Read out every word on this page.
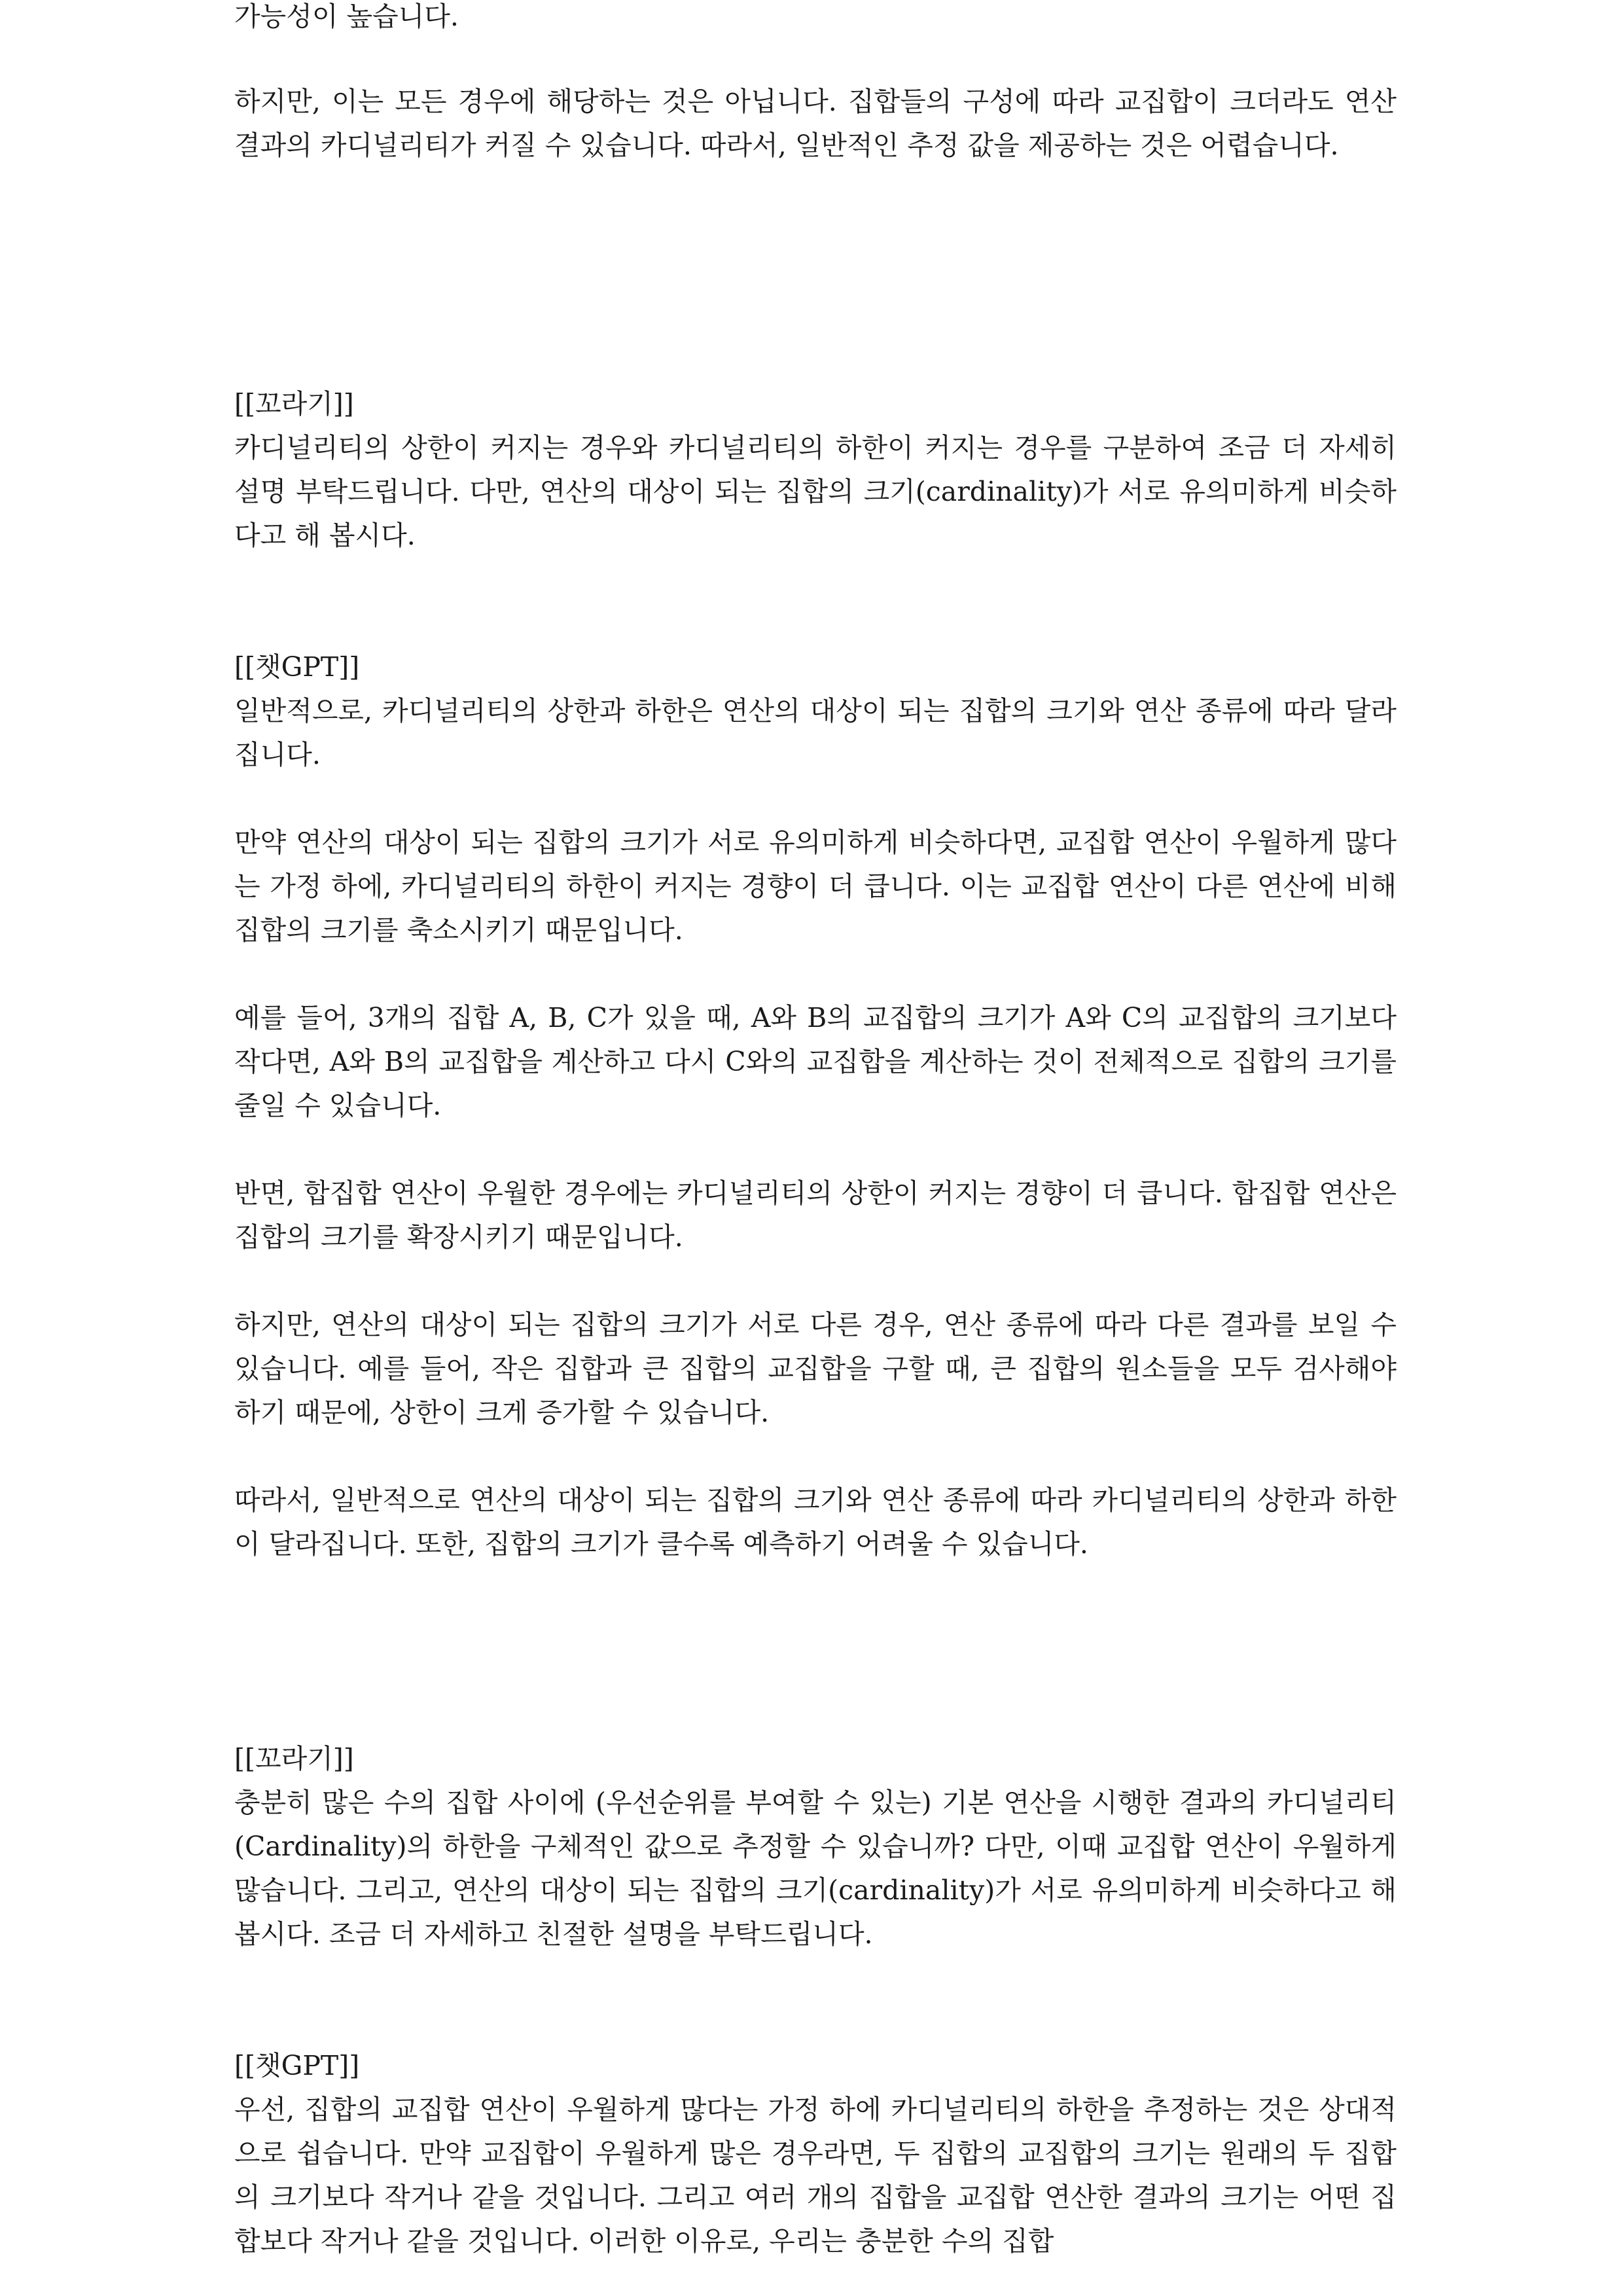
가능성이 높습니다.

하지만, 이는 모든 경우에 해당하는 것은 아닙니다. 집합들의 구성에 따라 교집합이 크더라도 연산 결과의 카디널리티가 커질 수 있습니다. 따라서, 일반적인 추정 값을 제공하는 것은 어렵습니다.

[[꼬라기]]

카디널리티의 상한이 커지는 경우와 카디널리티의 하한이 커지는 경우를 구분하여 조금 더 자세히 설명 부탁드립니다. 다만, 연산의 대상이 되는 집합의 크기(cardinality)가 서로 유의미하게 비슷하다고 해 봅시다.

[[챗GPT]]

일반적으로, 카디널리티의 상한과 하한은 연산의 대상이 되는 집합의 크기와 연산 종류에 따라 달라집니다.

만약 연산의 대상이 되는 집합의 크기가 서로 유의미하게 비슷하다면, 교집합 연산이 우월하게 많다는 가정 하에, 카디널리티의 하한이 커지는 경향이 더 큽니다. 이는 교집합 연산이 다른 연산에 비해 집합의 크기를 축소시키기 때문입니다.

예를 들어, 3개의 집합 A, B, C가 있을 때, A와 B의 교집합의 크기가 A와 C의 교집합의 크기보다 작다면, A와 B의 교집합을 계산하고 다시 C와의 교집합을 계산하는 것이 전체적으로 집합의 크기를 줄일 수 있습니다.

반면, 합집합 연산이 우월한 경우에는 카디널리티의 상한이 커지는 경향이 더 큽니다. 합집합 연산은 집합의 크기를 확장시키기 때문입니다.

하지만, 연산의 대상이 되는 집합의 크기가 서로 다른 경우, 연산 종류에 따라 다른 결과를 보일 수 있습니다. 예를 들어, 작은 집합과 큰 집합의 교집합을 구할 때, 큰 집합의 원소들을 모두 검사해야 하기 때문에, 상한이 크게 증가할 수 있습니다.

따라서, 일반적으로 연산의 대상이 되는 집합의 크기와 연산 종류에 따라 카디널리티의 상한과 하한이 달라집니다. 또한, 집합의 크기가 클수록 예측하기 어려울 수 있습니다.

[[꼬라기]]

충분히 많은 수의 집합 사이에 (우선순위를 부여할 수 있는) 기본 연산을 시행한 결과의 카디널리티(Cardinality)의 하한을 구체적인 값으로 추정할 수 있습니까? 다만, 이때 교집합 연산이 우월하게 많습니다. 그리고, 연산의 대상이 되는 집합의 크기(cardinality)가 서로 유의미하게 비슷하다고 해 봅시다. 조금 더 자세하고 친절한 설명을 부탁드립니다.

[[챗GPT]]

우선, 집합의 교집합 연산이 우월하게 많다는 가정 하에 카디널리티의 하한을 추정하는 것은 상대적으로 쉽습니다. 만약 교집합이 우월하게 많은 경우라면, 두 집합의 교집합의 크기는 원래의 두 집합의 크기보다 작거나 같을 것입니다. 그리고 여러 개의 집합을 교집합 연산한 결과의 크기는 어떤 집합보다 작거나 같을 것입니다. 이러한 이유로, 우리는 충분한 수의 집합
